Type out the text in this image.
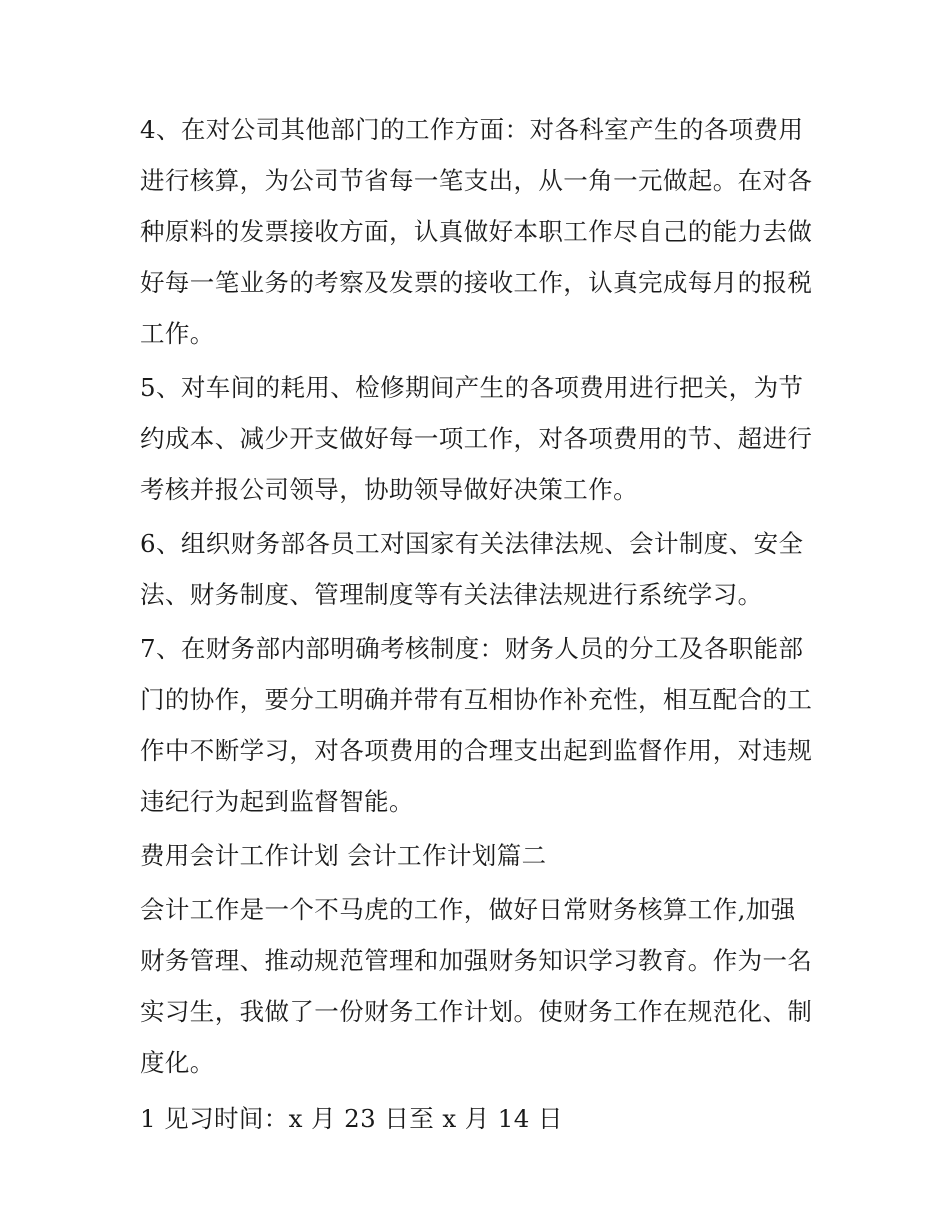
4、在对公司其他部门的工作方面：对各科室产生的各项费用进行核算，为公司节省每一笔支出，从一角一元做起。在对各种原料的发票接收方面，认真做好本职工作尽自己的能力去做好每一笔业务的考察及发票的接收工作，认真完成每月的报税工作。

5、对车间的耗用、检修期间产生的各项费用进行把关，为节约成本、减少开支做好每一项工作，对各项费用的节、超进行考核并报公司领导，协助领导做好决策工作。

6、组织财务部各员工对国家有关法律法规、会计制度、安全法、财务制度、管理制度等有关法律法规进行系统学习。

7、在财务部内部明确考核制度：财务人员的分工及各职能部门的协作，要分工明确并带有互相协作补充性，相互配合的工作中不断学习，对各项费用的合理支出起到监督作用，对违规违纪行为起到监督智能。

费用会计工作计划 会计工作计划篇二

会计工作是一个不马虎的工作，做好日常财务核算工作,加强财务管理、推动规范管理和加强财务知识学习教育。作为一名实习生，我做了一份财务工作计划。使财务工作在规范化、制度化。

1 见习时间：x 月 23 日至 x 月 14 日
